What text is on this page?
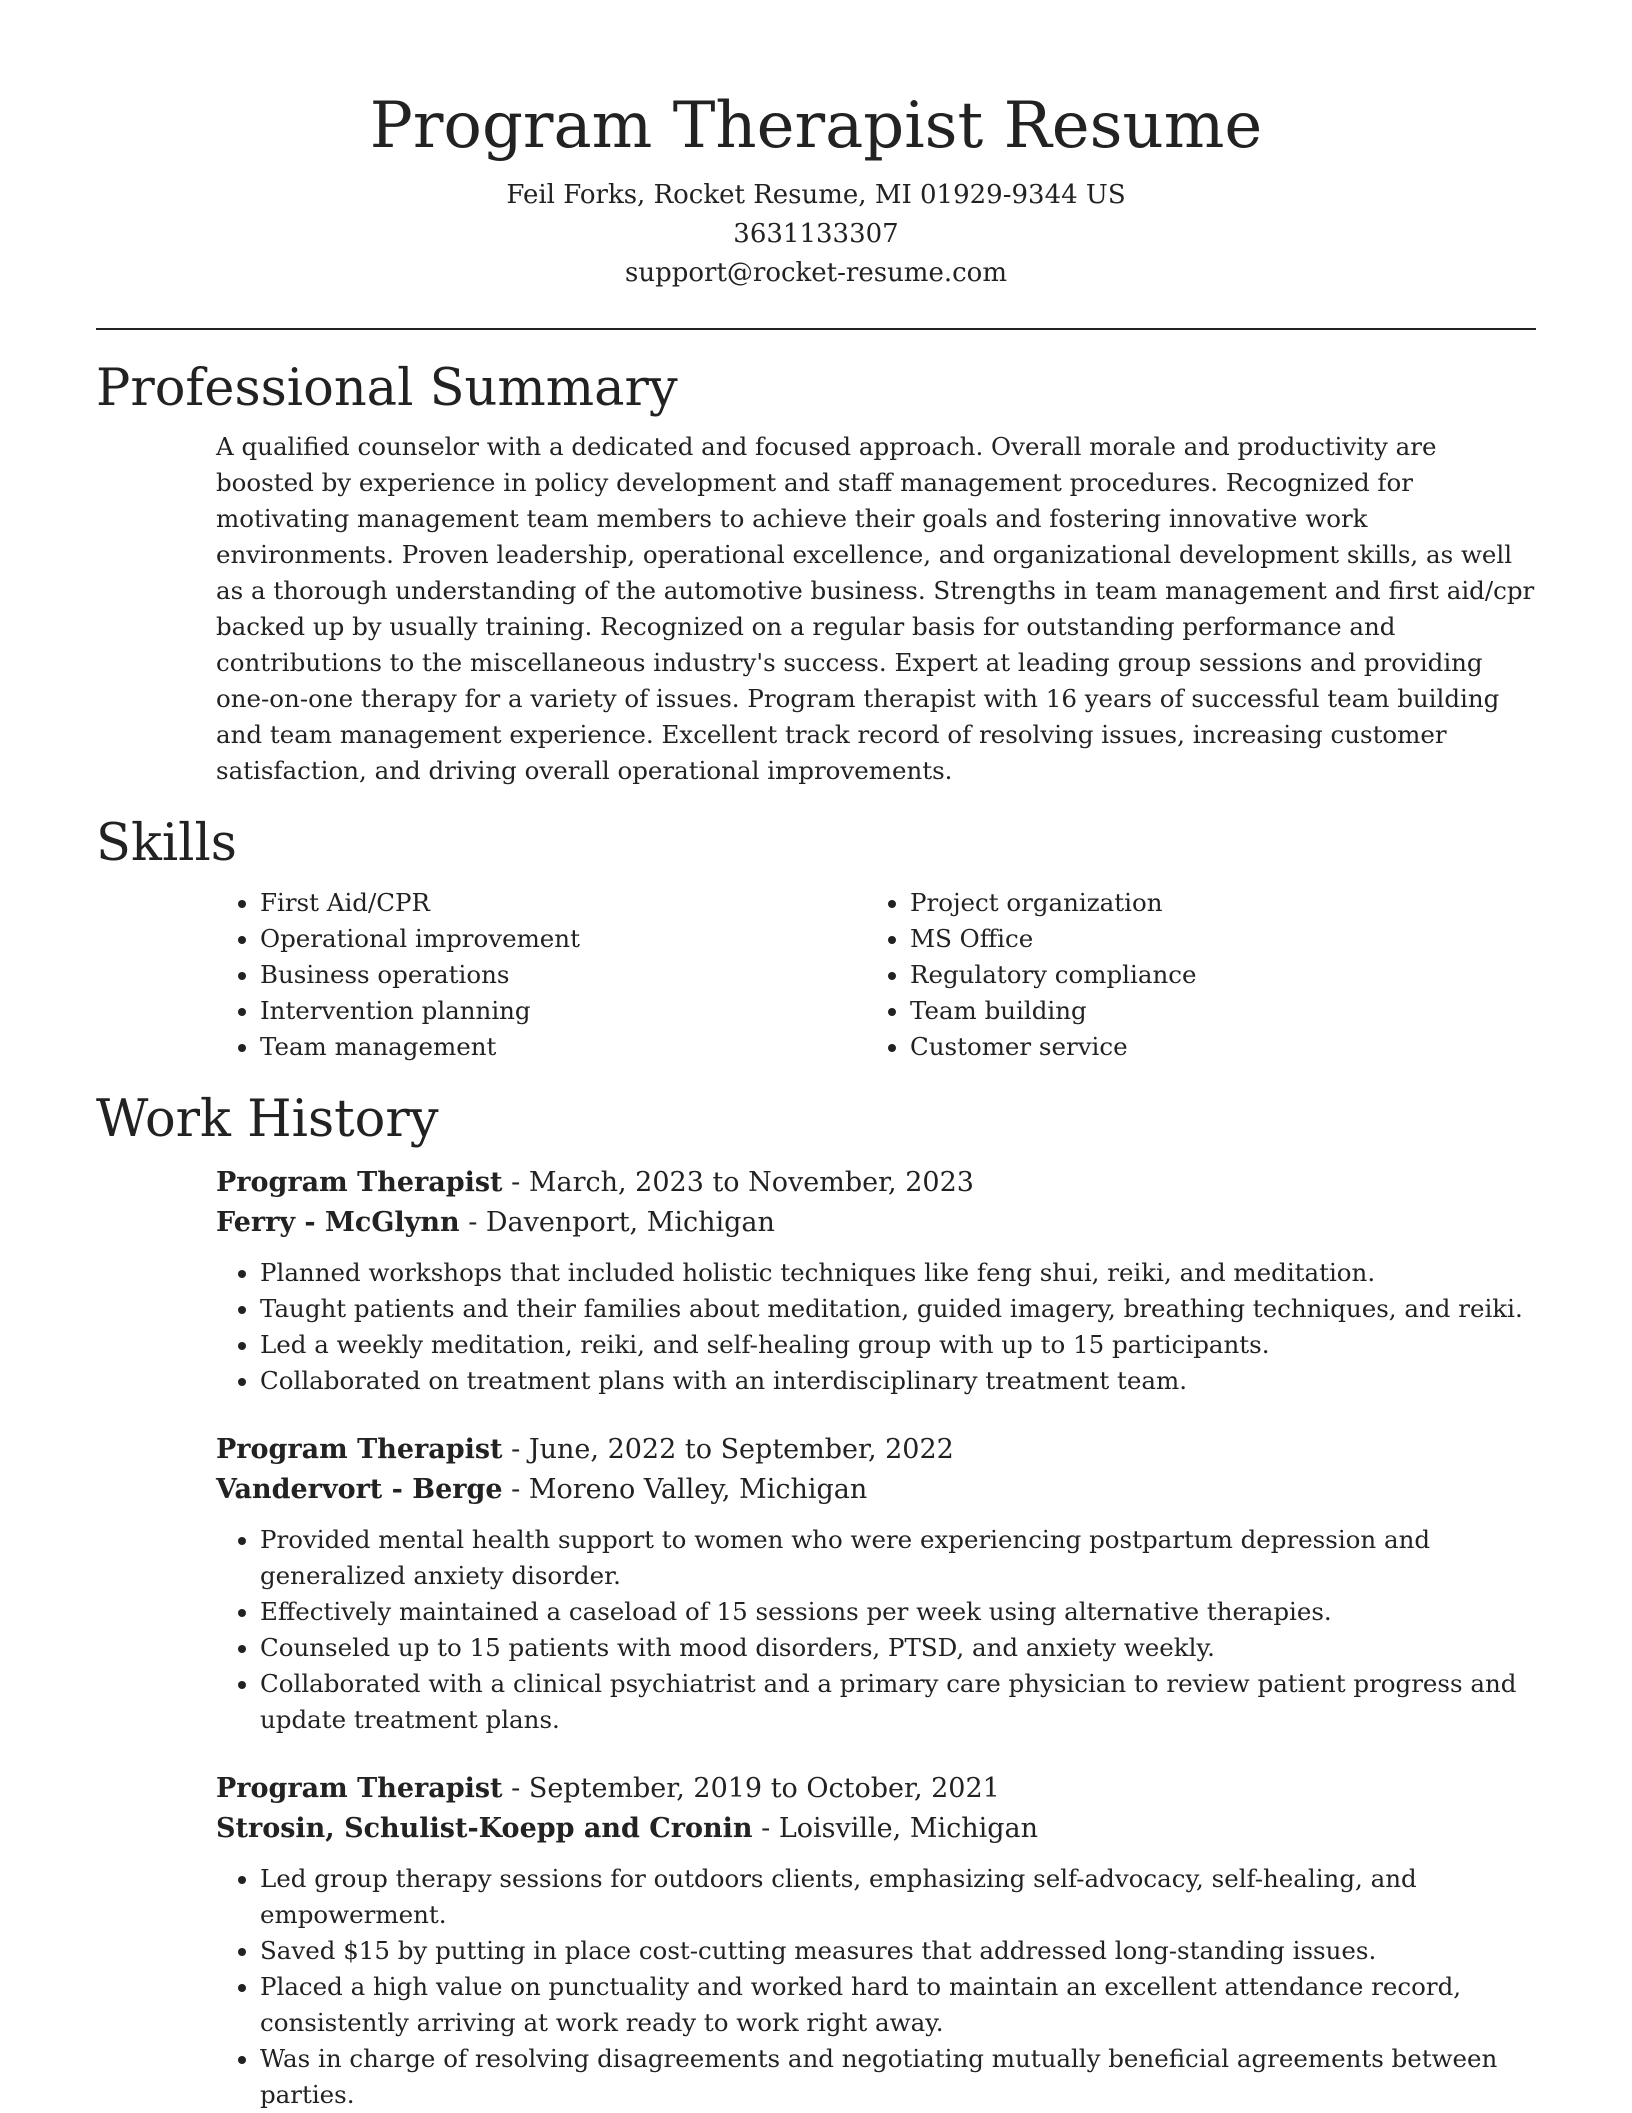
Program Therapist Resume

Feil Forks, Rocket Resume, MI 01929-9344 US

3631133307

support@rocket-resume.com

Professional Summary

A qualified counselor with a dedicated and focused approach. Overall morale and productivity are boosted by experience in policy development and staff management procedures. Recognized for motivating management team members to achieve their goals and fostering innovative work environments. Proven leadership, operational excellence, and organizational development skills, as well as a thorough understanding of the automotive business. Strengths in team management and first aid/cpr backed up by usually training. Recognized on a regular basis for outstanding performance and contributions to the miscellaneous industry's success. Expert at leading group sessions and providing one-on-one therapy for a variety of issues. Program therapist with 16 years of successful team building and team management experience. Excellent track record of resolving issues, increasing customer satisfaction, and driving overall operational improvements.

Skills
• First Aid/CPR
• Operational improvement
• Business operations
• Intervention planning
• Team management
• Project organization
• MS Office
• Regulatory compliance
• Team building
• Customer service
Work History

Program Therapist - March, 2023 to November, 2023

Ferry - McGlynn - Davenport, Michigan

• Planned workshops that included holistic techniques like feng shui, reiki, and meditation.
• Taught patients and their families about meditation, guided imagery, breathing techniques, and reiki.
• Led a weekly meditation, reiki, and self-healing group with up to 15 participants.
• Collaborated on treatment plans with an interdisciplinary treatment team.

Program Therapist - June, 2022 to September, 2022

Vandervort - Berge - Moreno Valley, Michigan

• Provided mental health support to women who were experiencing postpartum depression and generalized anxiety disorder.
• Effectively maintained a caseload of 15 sessions per week using alternative therapies.
• Counseled up to 15 patients with mood disorders, PTSD, and anxiety weekly.
• Collaborated with a clinical psychiatrist and a primary care physician to review patient progress and update treatment plans.

Program Therapist - September, 2019 to October, 2021

Strosin, Schulist-Koepp and Cronin - Loisville, Michigan

• Led group therapy sessions for outdoors clients, emphasizing self-advocacy, self-healing, and empowerment.
• Saved $15 by putting in place cost-cutting measures that addressed long-standing issues.
• Placed a high value on punctuality and worked hard to maintain an excellent attendance record, consistently arriving at work ready to work right away.
• Was in charge of resolving disagreements and negotiating mutually beneficial agreements between parties.
